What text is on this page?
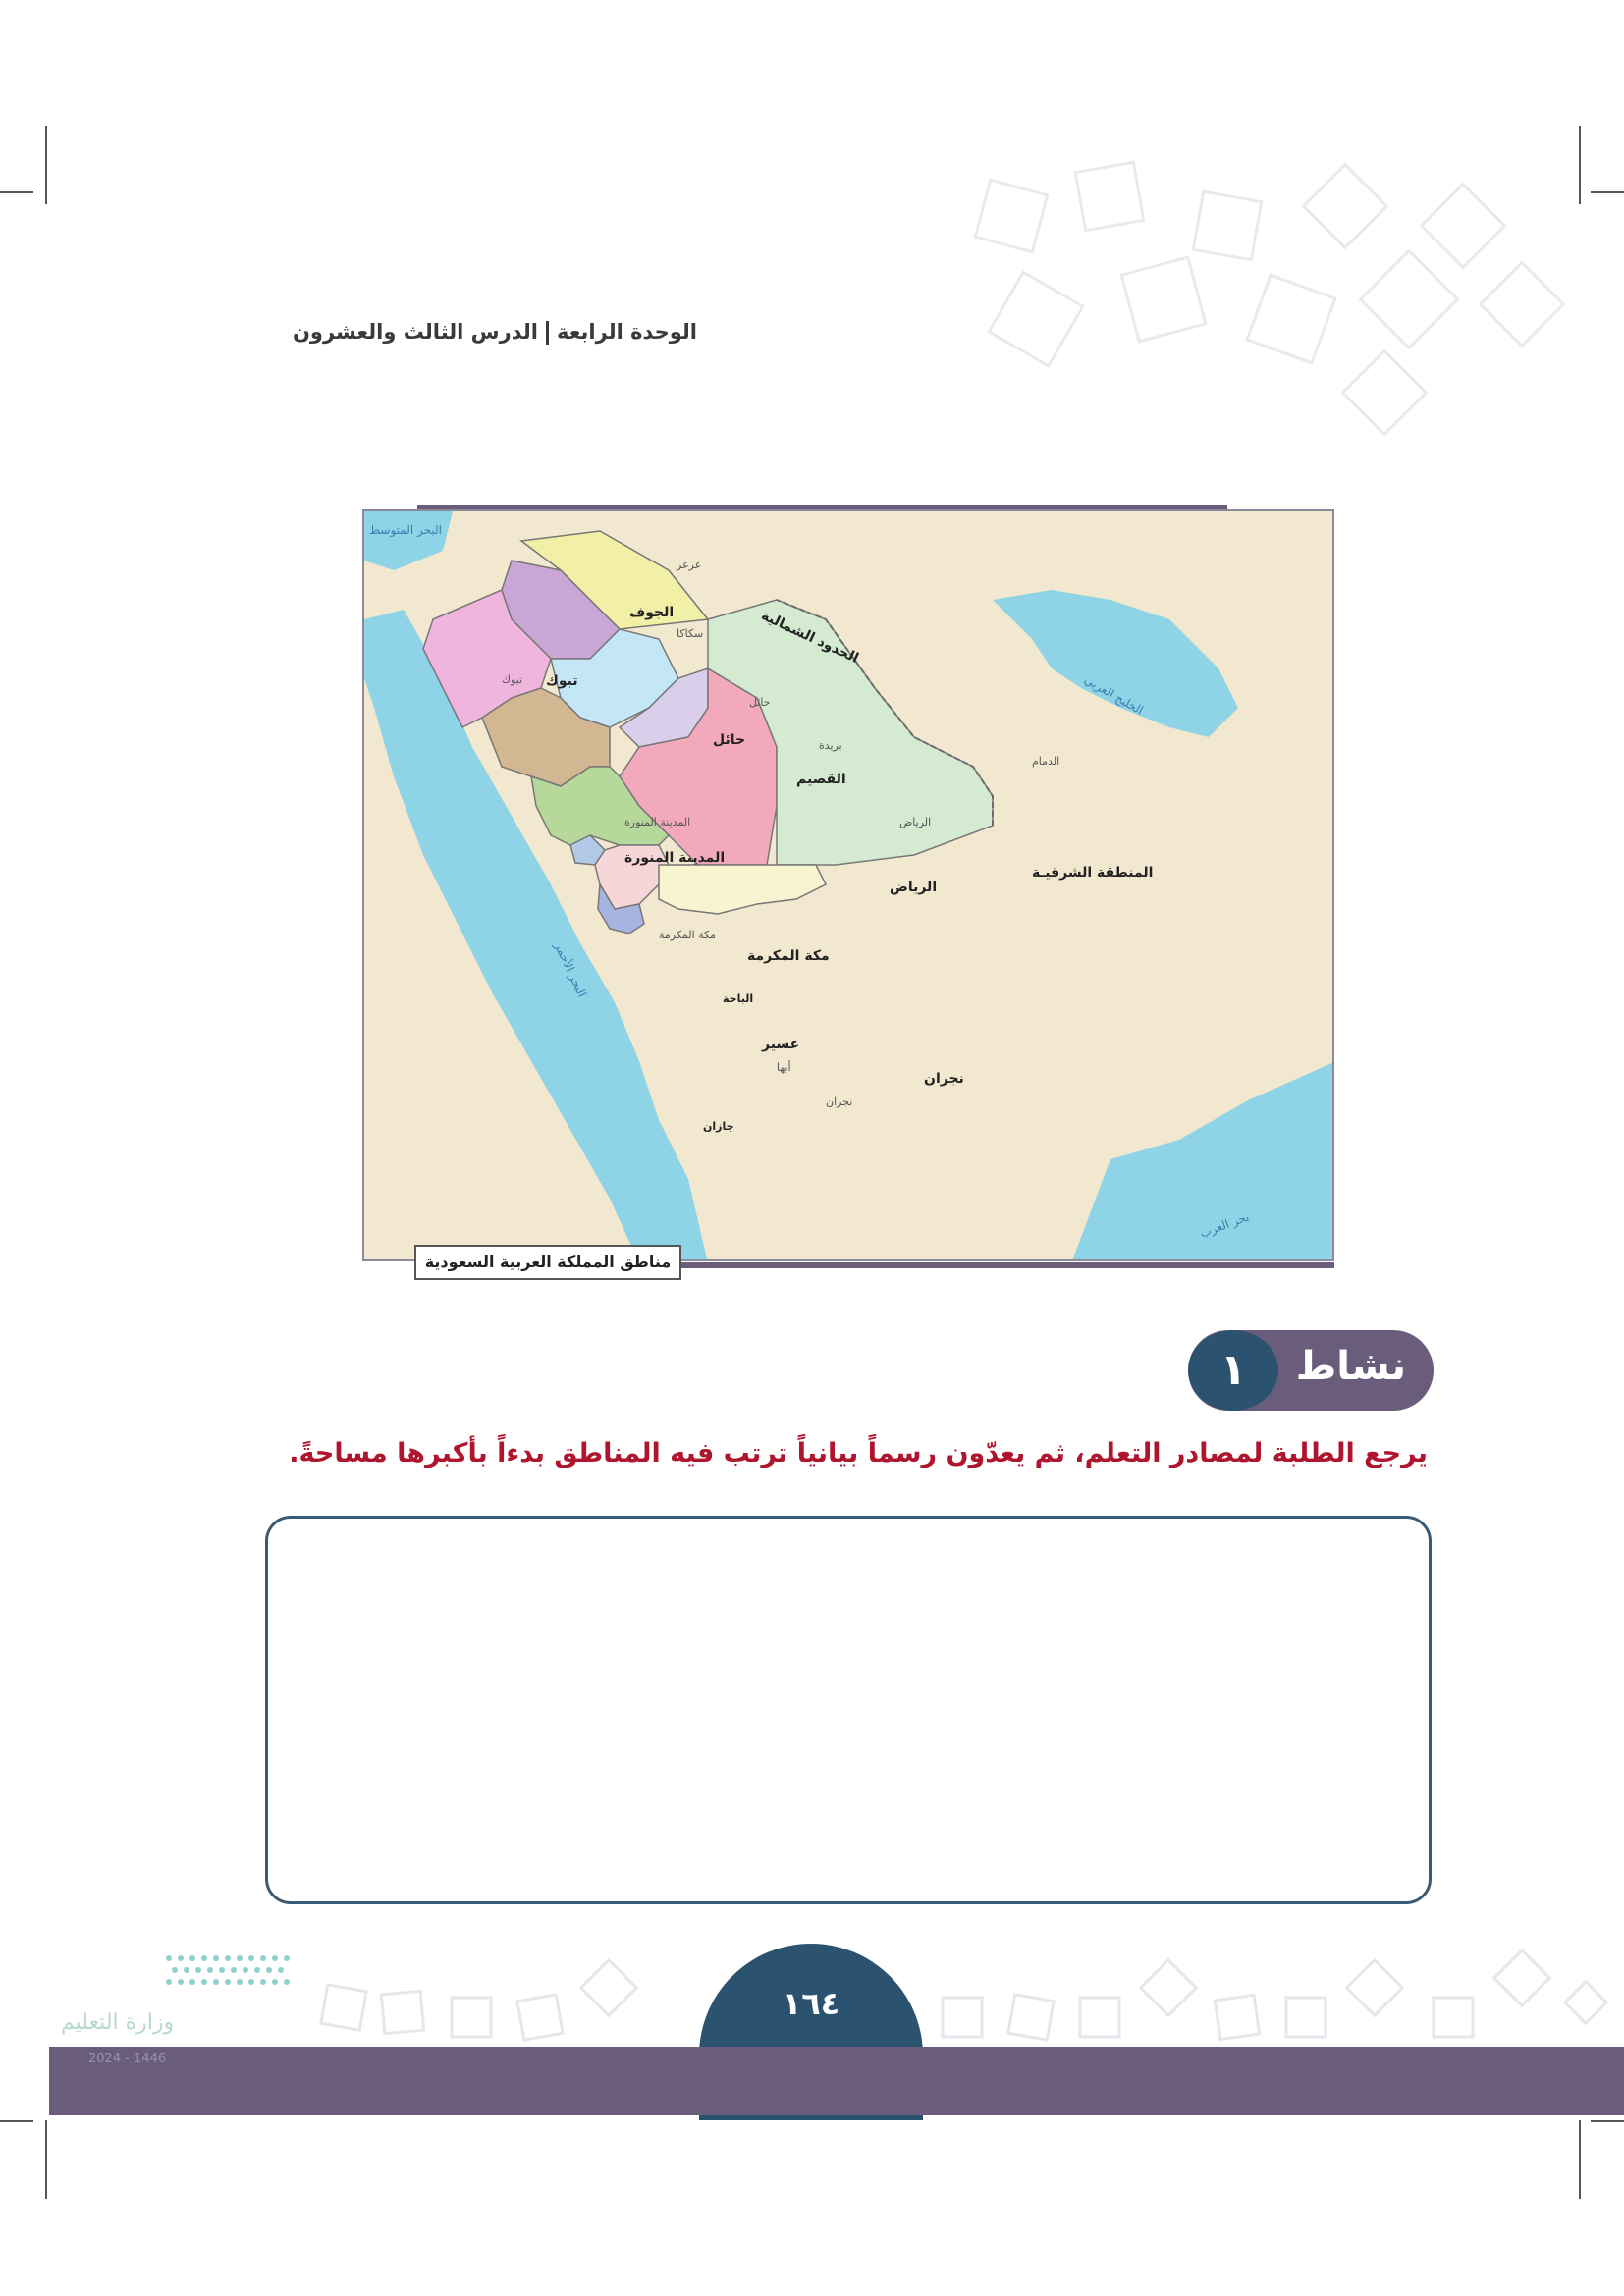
الوحدة الرابعةالدرس الثالث والعشرون
الحدود الشمالية
الجوف
تبوك
حائل
القصيم
المدينة المنورة
الرياض
المنطقة الشرقيـة
مكة المكرمة
عسير
نجران
جازان
الباحة
عرعر
سكاكا
تبوك
حائل
بريدة
المدينة المنورة	الرياض
الدمام
مكة المكرمة
أبها
نجران
البحر المتوسط
الخليج العربي
البحر الأحمر
بحر العرب
مناطق المملكة العربية السعودية
نشاط
١
يرجع الطلبة لمصادر التعلم، ثم يعدّون رسماً بيانياً ترتب فيه المناطق بدءاً بأكبرها مساحةً.
وزارة التعليم
2024 - 1446
١٦٤
